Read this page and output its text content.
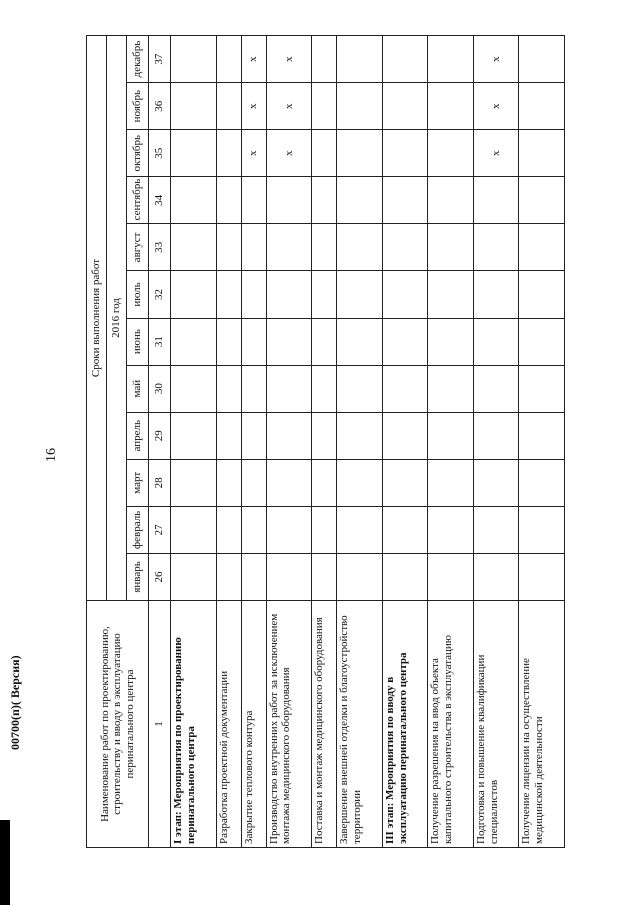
16
00700(п)( Версия)	Наименование работ по проектированию, строительству и вводу в эксплуатацию перинатального центра	Сроки выполнения работ											
	2016 год											
	январь	февраль	март	апрель	май	июнь	июль	август	сентябрь	октябрь	ноябрь	декабрь
1	26	27	28	29	30	31	32	33	34	35	36	37
I этап: Мероприятия по проектированию перинатального центра												
Разработка проектной документации												
Закрытие теплового контура										x	x	x
Производство внутренних работ за исключением монтажа медицинского оборудования										x	x	x
Поставка и монтаж медицинского оборудования												
Завершение внешней отделки и благоустройство территории												
III этап: Мероприятия по вводу в эксплуатацию перинатального центра												
Получение разрешения на ввод объекта капитального строительства в эксплуатацию												
Подготовка и повышение квалификации специалистов										x	x	x
Получение лицензии на осуществление медицинской деятельности												
